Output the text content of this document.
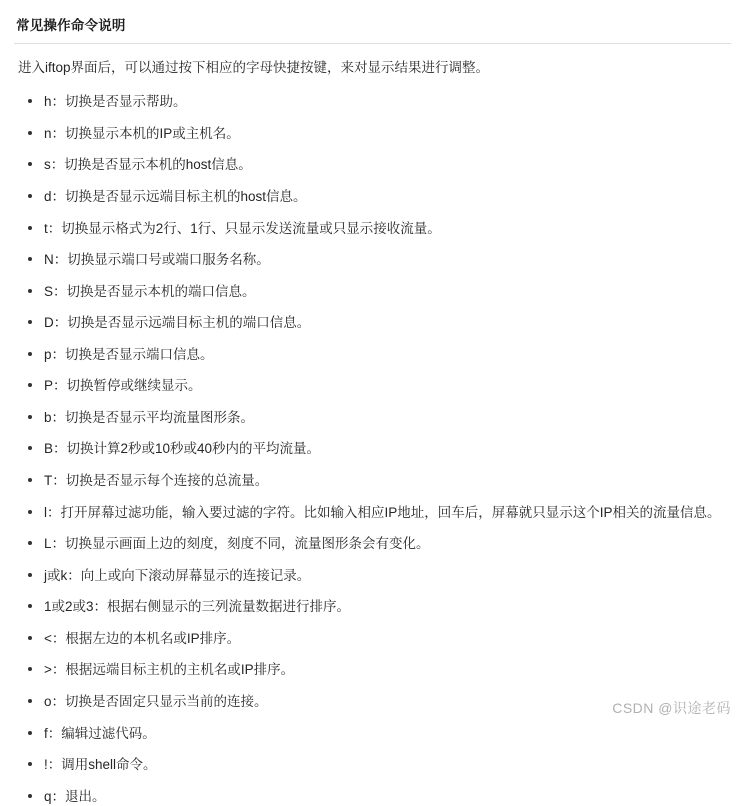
常见操作命令说明

进入iftop界面后，可以通过按下相应的字母快捷按键，来对显示结果进行调整。

h：切换是否显示帮助。
n：切换显示本机的IP或主机名。
s：切换是否显示本机的host信息。
d：切换是否显示远端目标主机的host信息。
t：切换显示格式为2行、1行、只显示发送流量或只显示接收流量。
N：切换显示端口号或端口服务名称。
S：切换是否显示本机的端口信息。
D：切换是否显示远端目标主机的端口信息。
p：切换是否显示端口信息。
P：切换暂停或继续显示。
b：切换是否显示平均流量图形条。
B：切换计算2秒或10秒或40秒内的平均流量。
T：切换是否显示每个连接的总流量。
l：打开屏幕过滤功能，输入要过滤的字符。比如输入相应IP地址，回车后，屏幕就只显示这个IP相关的流量信息。
L：切换显示画面上边的刻度，刻度不同，流量图形条会有变化。
j或k：向上或向下滚动屏幕显示的连接记录。
1或2或3：根据右侧显示的三列流量数据进行排序。
<：根据左边的本机名或IP排序。
>：根据远端目标主机的主机名或IP排序。
o：切换是否固定只显示当前的连接。
f：编辑过滤代码。
!：调用shell命令。
q：退出。
CSDN @识途老码
